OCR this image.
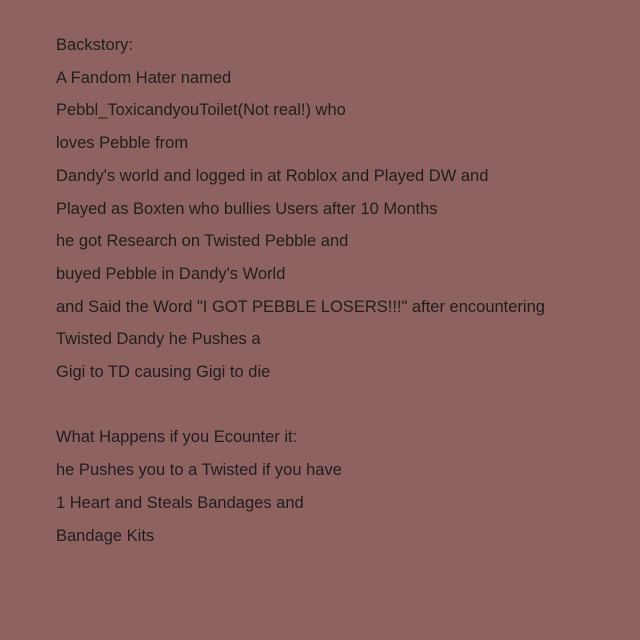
Backstory:
A Fandom Hater named
Pebbl_ToxicandyouToilet(Not real!) who
loves Pebble from
Dandy's world and logged in at Roblox and Played DW and
Played as Boxten who bullies Users after 10 Months
he got Research on Twisted Pebble and
buyed Pebble in Dandy's World
and Said the Word "I GOT PEBBLE LOSERS!!!" after encountering
Twisted Dandy he Pushes a
Gigi to TD causing Gigi to die
What Happens if you Ecounter it:
he Pushes you to a Twisted if you have
1 Heart and Steals Bandages and
Bandage Kits
